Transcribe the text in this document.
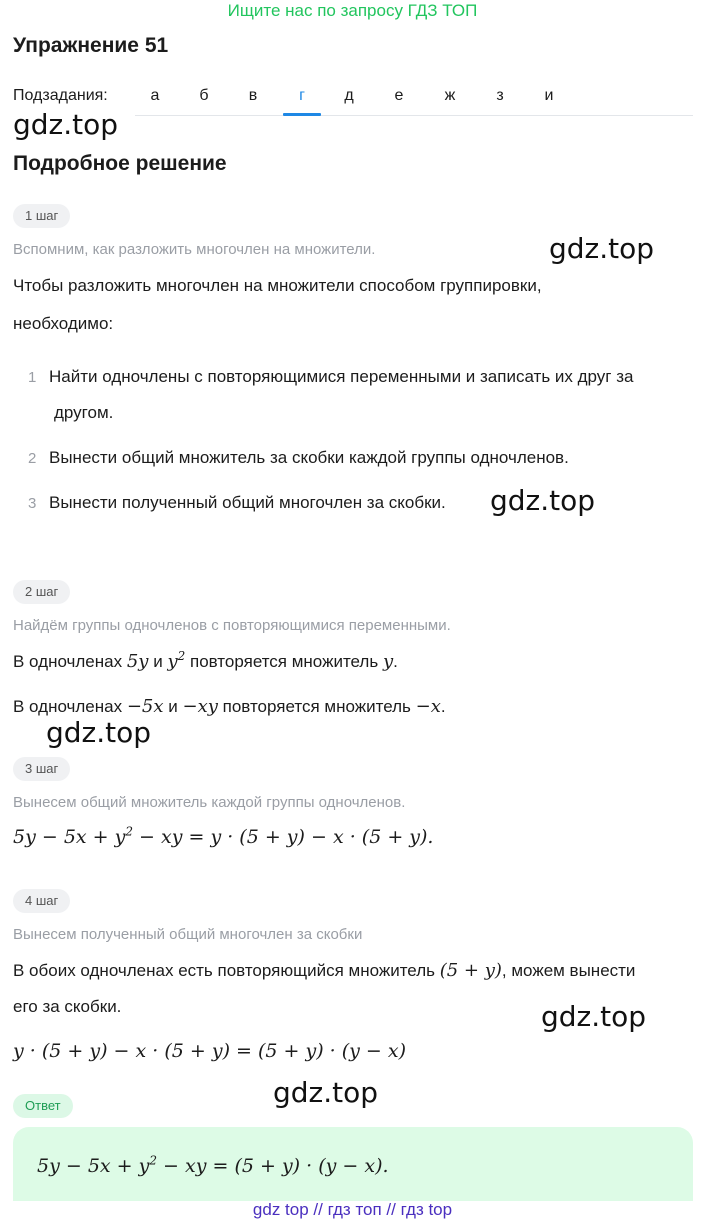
Ищите нас по запросу ГДЗ ТОП
Упражнение 51
Подзадания:	а	б	в	г	д	е	ж	з	и
gdz.top
Подробное решение
1 шаг
Вспомним, как разложить многочлен на множители.	gdz.top
Чтобы разложить многочлен на множители способом группировки,
необходимо:
1 Найти одночлены с повторяющимися переменными и записать их друг за
другом.
2 Вынести общий множитель за скобки каждой группы одночленов.
3 Вынести полученный общий многочлен за скобки. gdz.top
2 шаг
Найдём группы одночленов с повторяющимися переменными.
В одночленах 5y и $y^2$ повторяется множитель y.
В одночленах −5x и −xy повторяется множитель −x.
gdz.top
3 шаг
Вынесем общий множитель каждой группы одночленов.
$5y - 5x + y^2$ − xy = y · (5 + y) − x · (5 + y).
4 шаг
Вынесем полученный общий многочлен за скобки
В обоих одночленах есть повторяющийся множитель (5 + y), можем вынести
его за скобки.	gdz.top
y · (5 + y) − x · (5 + y) = (5 + y) · (y − x)
gdz.top
Ответ
$5y - 5x + y^2$ − xy = (5 + y) · (y − x).
gdz top // гдз топ // гдз top
